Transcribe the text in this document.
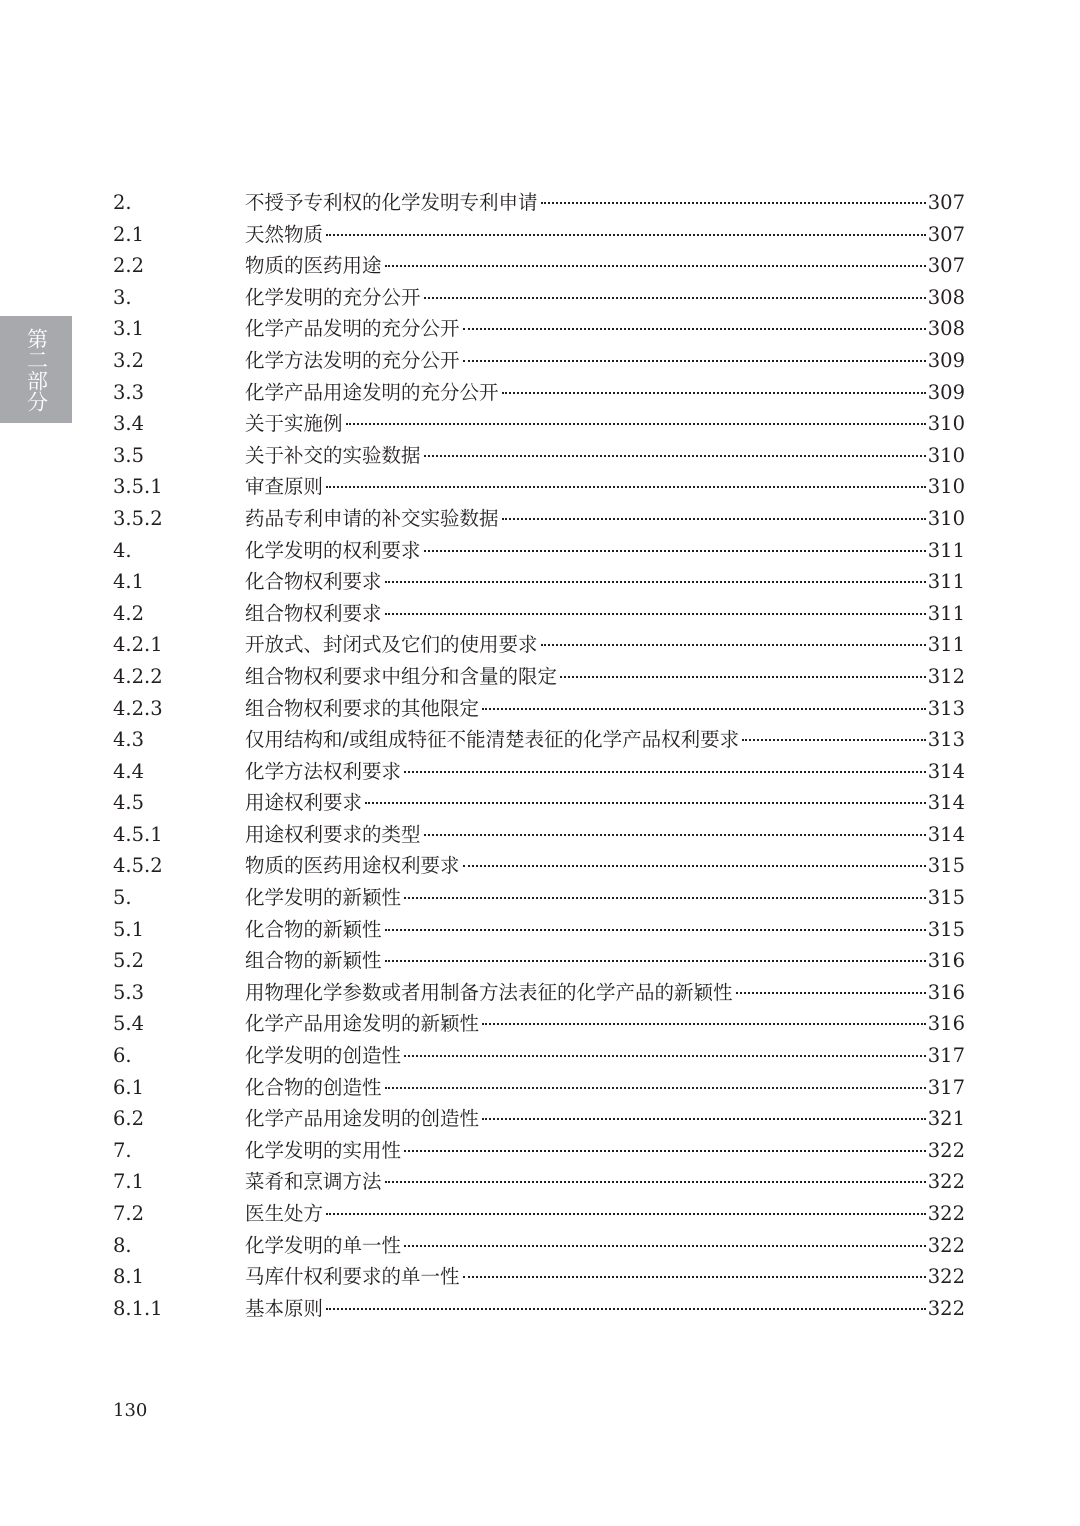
第二部分
2.	不授予专利权的化学发明专利申请	307
2.1	天然物质	307
2.2	物质的医药用途	307
3.	化学发明的充分公开	308
3.1	化学产品发明的充分公开	308
3.2	化学方法发明的充分公开	309
3.3	化学产品用途发明的充分公开	309
3.4	关于实施例	310
3.5	关于补交的实验数据	310
3.5.1	审查原则	310
3.5.2	药品专利申请的补交实验数据	310
4.	化学发明的权利要求	311
4.1	化合物权利要求	311
4.2	组合物权利要求	311
4.2.1	开放式、封闭式及它们的使用要求	311
4.2.2	组合物权利要求中组分和含量的限定	312
4.2.3	组合物权利要求的其他限定	313
4.3	仅用结构和/或组成特征不能清楚表征的化学产品权利要求	313
4.4	化学方法权利要求	314
4.5	用途权利要求	314
4.5.1	用途权利要求的类型	314
4.5.2	物质的医药用途权利要求	315
5.	化学发明的新颖性	315
5.1	化合物的新颖性	315
5.2	组合物的新颖性	316
5.3	用物理化学参数或者用制备方法表征的化学产品的新颖性	316
5.4	化学产品用途发明的新颖性	316
6.	化学发明的创造性	317
6.1	化合物的创造性	317
6.2	化学产品用途发明的创造性	321
7.	化学发明的实用性	322
7.1	菜肴和烹调方法	322
7.2	医生处方	322
8.	化学发明的单一性	322
8.1	马库什权利要求的单一性	322
8.1.1	基本原则	322
130
